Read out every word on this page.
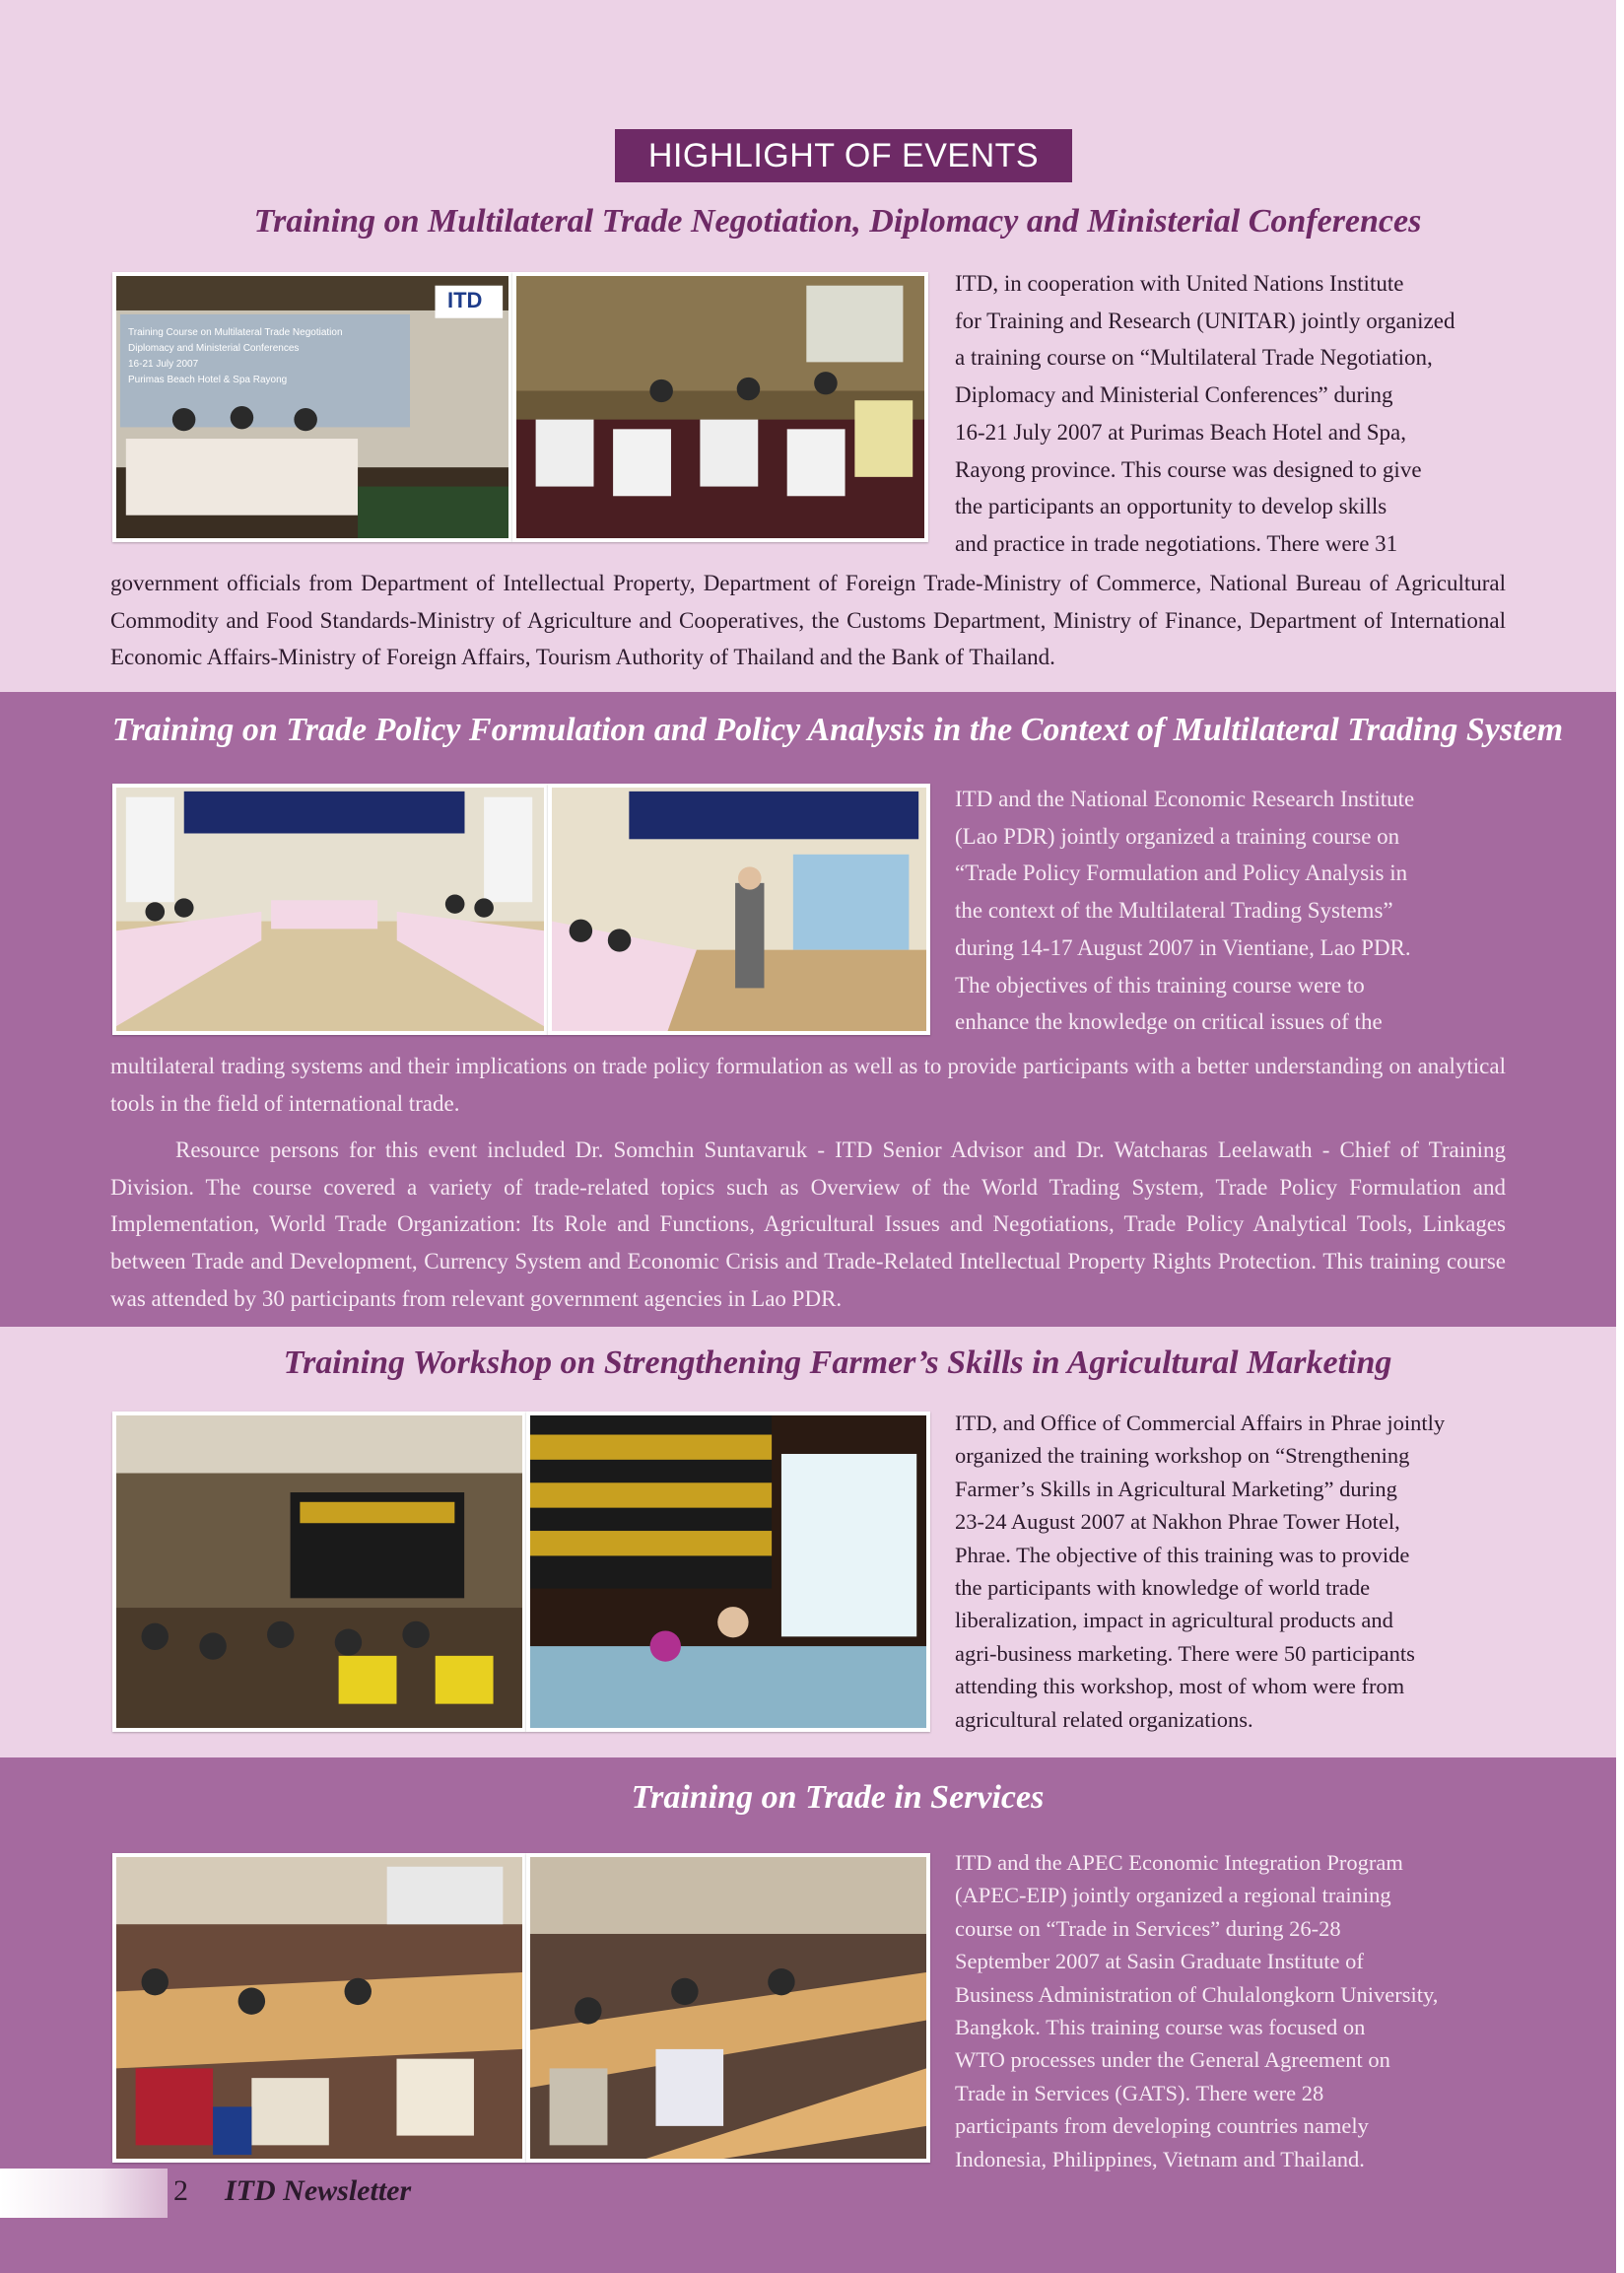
HIGHLIGHT OF EVENTS
Training on Multilateral Trade Negotiation, Diplomacy and Ministerial Conferences
Training Course on Multilateral Trade Negotiation
Diplomacy and Ministerial Conferences
16-21 July 2007
Purimas Beach Hotel & Spa Rayong
ITD
ITD, in cooperation with United Nations Institute
for Training and Research (UNITAR) jointly organized
a training course on “Multilateral Trade Negotiation,
Diplomacy and Ministerial Conferences” during
16-21 July 2007 at Purimas Beach Hotel and Spa,
Rayong province. This course was designed to give
the participants an opportunity to develop skills
and practice in trade negotiations. There were 31
government officials from Department of Intellectual Property, Department of Foreign Trade-Ministry of Commerce, National Bureau of Agricultural Commodity and Food Standards-Ministry of Agriculture and Cooperatives, the Customs Department, Ministry of Finance, Department of International Economic Affairs-Ministry of Foreign Affairs, Tourism Authority of Thailand and the Bank of Thailand.
Training on Trade Policy Formulation and Policy Analysis in the Context of Multilateral Trading System
ITD and the National Economic Research Institute
(Lao PDR) jointly organized a training course on
“Trade Policy Formulation and Policy Analysis in
the context of the Multilateral Trading Systems”
during 14-17 August 2007 in Vientiane, Lao PDR.
The objectives of this training course were to
enhance the knowledge on critical issues of the
multilateral trading systems and their implications on trade policy formulation as well as to provide participants with a better understanding on analytical tools in the field of international trade.
Resource persons for this event included Dr. Somchin Suntavaruk - ITD Senior Advisor and Dr. Watcharas Leelawath - Chief of Training Division. The course covered a variety of trade-related topics such as Overview of the World Trading System, Trade Policy Formulation and Implementation, World Trade Organization: Its Role and Functions, Agricultural Issues and Negotiations, Trade Policy Analytical Tools, Linkages between Trade and Development, Currency System and Economic Crisis and Trade-Related Intellectual Property Rights Protection. This training course was attended by 30 participants from relevant government agencies in Lao PDR.
Training Workshop on Strengthening Farmer’s Skills in Agricultural Marketing
ITD, and Office of Commercial Affairs in Phrae jointly
organized the training workshop on “Strengthening
Farmer’s Skills in Agricultural Marketing” during
23-24 August 2007 at Nakhon Phrae Tower Hotel,
Phrae. The objective of this training was to provide
the participants with knowledge of world trade
liberalization, impact in agricultural products and
agri-business marketing. There were 50 participants
attending this workshop, most of whom were from
agricultural related organizations.
Training on Trade in Services
ITD and the APEC Economic Integration Program
(APEC-EIP) jointly organized a regional training
course on “Trade in Services” during 26-28
September 2007 at Sasin Graduate Institute of
Business Administration of Chulalongkorn University,
Bangkok. This training course was focused on
WTO processes under the General Agreement on
Trade in Services (GATS). There were 28
participants from developing countries namely
Indonesia, Philippines, Vietnam and Thailand.
2 ITD Newsletter
